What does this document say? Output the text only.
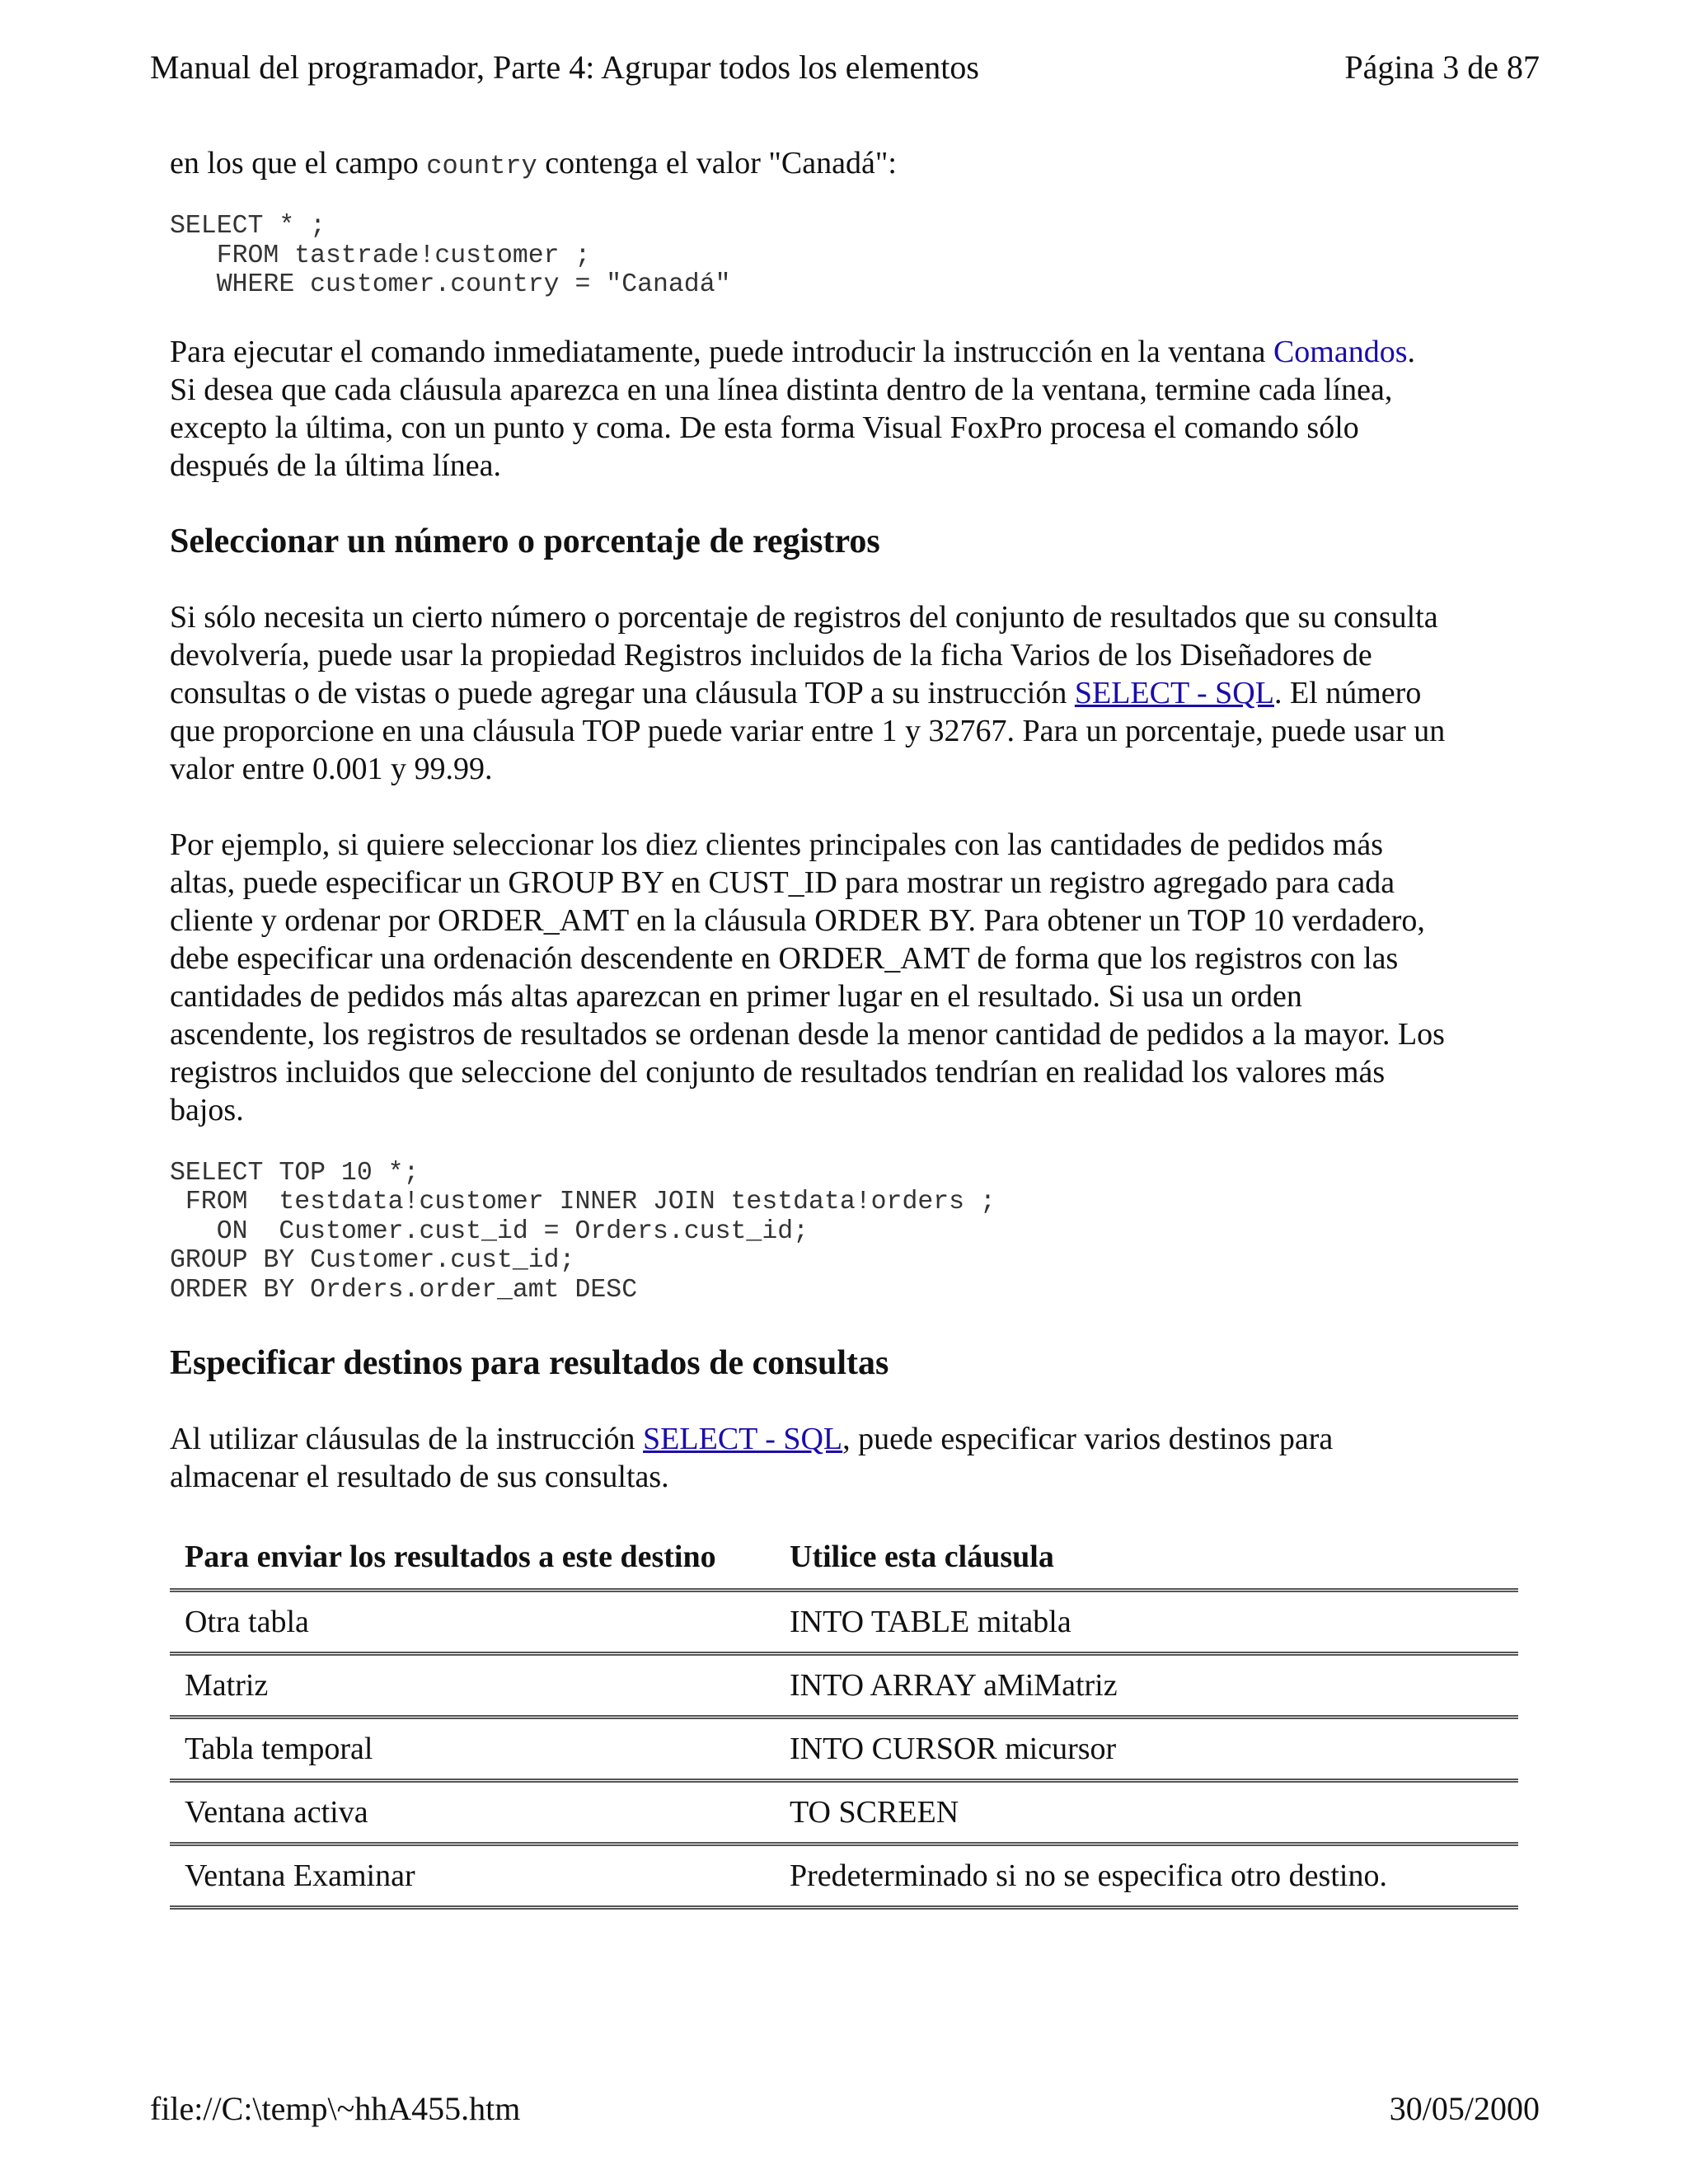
Manual del programador, Parte 4: Agrupar todos los elementos	Página 3 de 87

en los que el campo country contenga el valor "Canadá":

SELECT * ;
FROM tastrade!customer ;
WHERE customer.country = "Canadá"

Para ejecutar el comando inmediatamente, puede introducir la instrucción en la ventana Comandos.
Si desea que cada cláusula aparezca en una línea distinta dentro de la ventana, termine cada línea,
excepto la última, con un punto y coma. De esta forma Visual FoxPro procesa el comando sólo
después de la última línea.

Seleccionar un número o porcentaje de registros

Si sólo necesita un cierto número o porcentaje de registros del conjunto de resultados que su consulta
devolvería, puede usar la propiedad Registros incluidos de la ficha Varios de los Diseñadores de
consultas o de vistas o puede agregar una cláusula TOP a su instrucción SELECT - SQL. El número
que proporcione en una cláusula TOP puede variar entre 1 y 32767. Para un porcentaje, puede usar un
valor entre 0.001 y 99.99.

Por ejemplo, si quiere seleccionar los diez clientes principales con las cantidades de pedidos más
altas, puede especificar un GROUP BY en CUST_ID para mostrar un registro agregado para cada
cliente y ordenar por ORDER_AMT en la cláusula ORDER BY. Para obtener un TOP 10 verdadero,
debe especificar una ordenación descendente en ORDER_AMT de forma que los registros con las
cantidades de pedidos más altas aparezcan en primer lugar en el resultado. Si usa un orden
ascendente, los registros de resultados se ordenan desde la menor cantidad de pedidos a la mayor. Los
registros incluidos que seleccione del conjunto de resultados tendrían en realidad los valores más
bajos.

SELECT TOP 10 *;
FROM  testdata!customer INNER JOIN testdata!orders ;
ON  Customer.cust_id = Orders.cust_id;
GROUP BY Customer.cust_id;
ORDER BY Orders.order_amt DESC
Especificar destinos para resultados de consultas

Al utilizar cláusulas de la instrucción SELECT - SQL, puede especificar varios destinos para
almacenar el resultado de sus consultas.

Para enviar los resultados a este destino	Utilice esta cláusula
Otra tabla	INTO TABLE mitabla
Matriz	INTO ARRAY aMiMatriz
Tabla temporal	INTO CURSOR micursor
Ventana activa	TO SCREEN
Ventana Examinar	Predeterminado si no se especifica otro destino.
file://C:\temp\~hhA455.htm	30/05/2000
